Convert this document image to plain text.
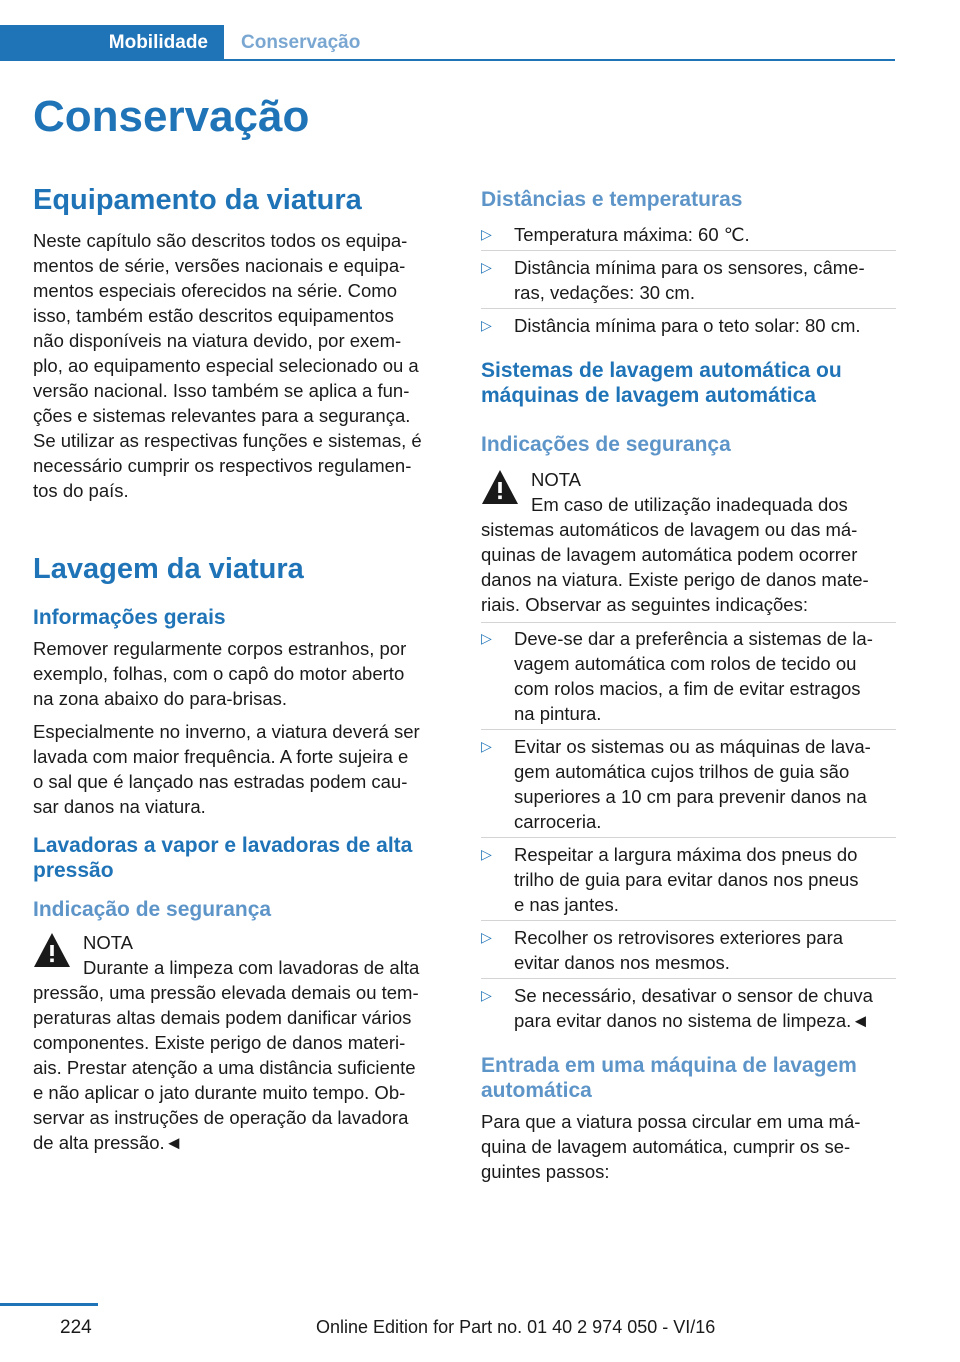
Mobilidade Conservação
Conservação
Equipamento da viatura
Neste capítulo são descritos todos os equipa‐
mentos de série, versões nacionais e equipa‐
mentos especiais oferecidos na série. Como
isso, também estão descritos equipamentos
não disponíveis na viatura devido, por exem‐
plo, ao equipamento especial selecionado ou a
versão nacional. Isso também se aplica a fun‐
ções e sistemas relevantes para a segurança.
Se utilizar as respectivas funções e sistemas, é
necessário cumprir os respectivos regulamen‐
tos do país.
Lavagem da viatura
Informações gerais
Remover regularmente corpos estranhos, por
exemplo, folhas, com o capô do motor aberto
na zona abaixo do para-brisas.
Especialmente no inverno, a viatura deverá ser
lavada com maior frequência. A forte sujeira e
o sal que é lançado nas estradas podem cau‐
sar danos na viatura.
Lavadoras a vapor e lavadoras de alta
pressão
Indicação de segurança
NOTA
Durante a limpeza com lavadoras de alta
pressão, uma pressão elevada demais ou tem‐
peraturas altas demais podem danificar vários
componentes. Existe perigo de danos materi‐
ais. Prestar atenção a uma distância suficiente
e não aplicar o jato durante muito tempo. Ob‐
servar as instruções de operação da lavadora
de alta pressão.◄
Distâncias e temperaturas
▷ Temperatura máxima: 60 ℃.
▷ Distância mínima para os sensores, câme‐
ras, vedações: 30 cm.
▷ Distância mínima para o teto solar: 80 cm.
Sistemas de lavagem automática ou
máquinas de lavagem automática
Indicações de segurança
NOTA
Em caso de utilização inadequada dos
sistemas automáticos de lavagem ou das má‐
quinas de lavagem automática podem ocorrer
danos na viatura. Existe perigo de danos mate‐
riais. Observar as seguintes indicações:
▷ Deve-se dar a preferência a sistemas de la‐
vagem automática com rolos de tecido ou
com rolos macios, a fim de evitar estragos
na pintura.
▷ Evitar os sistemas ou as máquinas de lava‐
gem automática cujos trilhos de guia são
superiores a 10 cm para prevenir danos na
carroceria.
▷ Respeitar a largura máxima dos pneus do
trilho de guia para evitar danos nos pneus
e nas jantes.
▷ Recolher os retrovisores exteriores para
evitar danos nos mesmos.
▷ Se necessário, desativar o sensor de chuva
para evitar danos no sistema de limpeza.◄
Entrada em uma máquina de lavagem
automática
Para que a viatura possa circular em uma má‐
quina de lavagem automática, cumprir os se‐
guintes passos:
224	Online Edition for Part no. 01 40 2 974 050 - VI/16
